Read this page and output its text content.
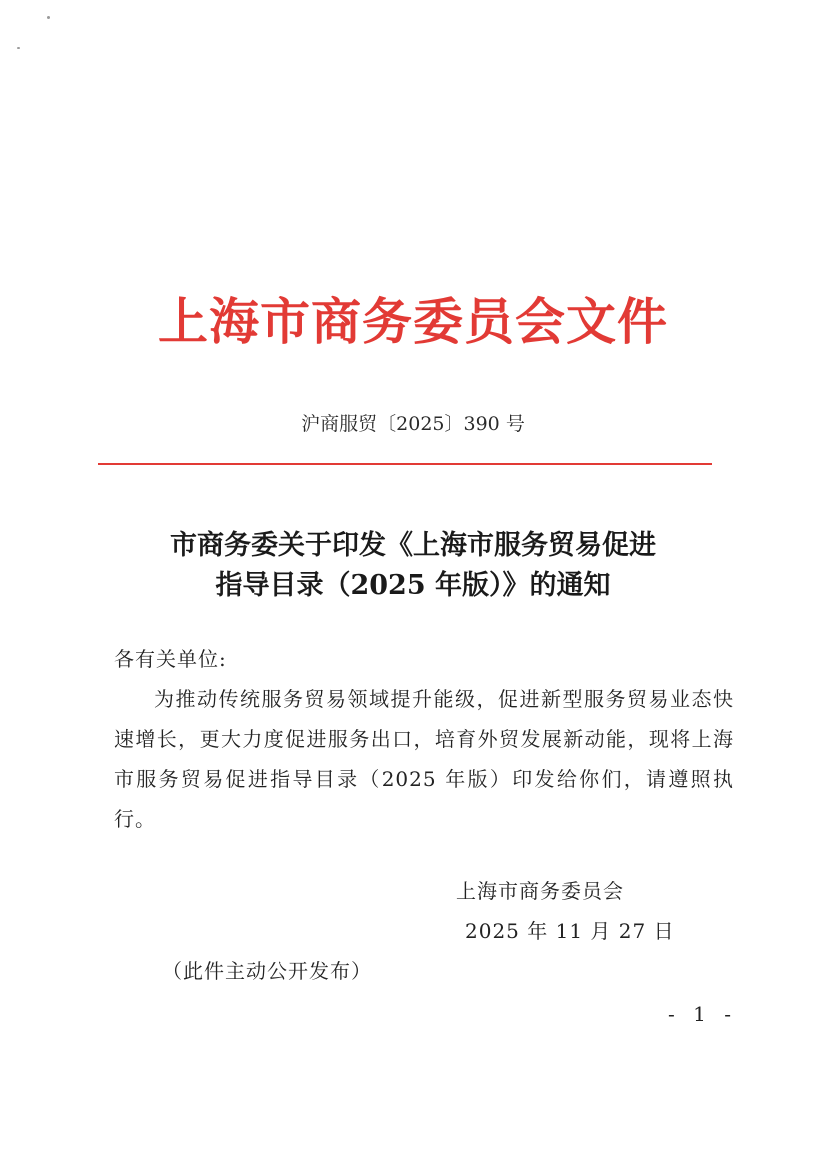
上海市商务委员会文件
沪商服贸〔2025〕390 号
市商务委关于印发《上海市服务贸易促进
指导目录（2025 年版）》的通知
各有关单位:

为推动传统服务贸易领域提升能级，促进新型服务贸易业态快速增长，更大力度促进服务出口，培育外贸发展新动能，现将上海市服务贸易促进指导目录（2025 年版）印发给你们，请遵照执行。

上海市商务委员会
2025 年 11 月 27 日
（此件主动公开发布）
- 1 -
